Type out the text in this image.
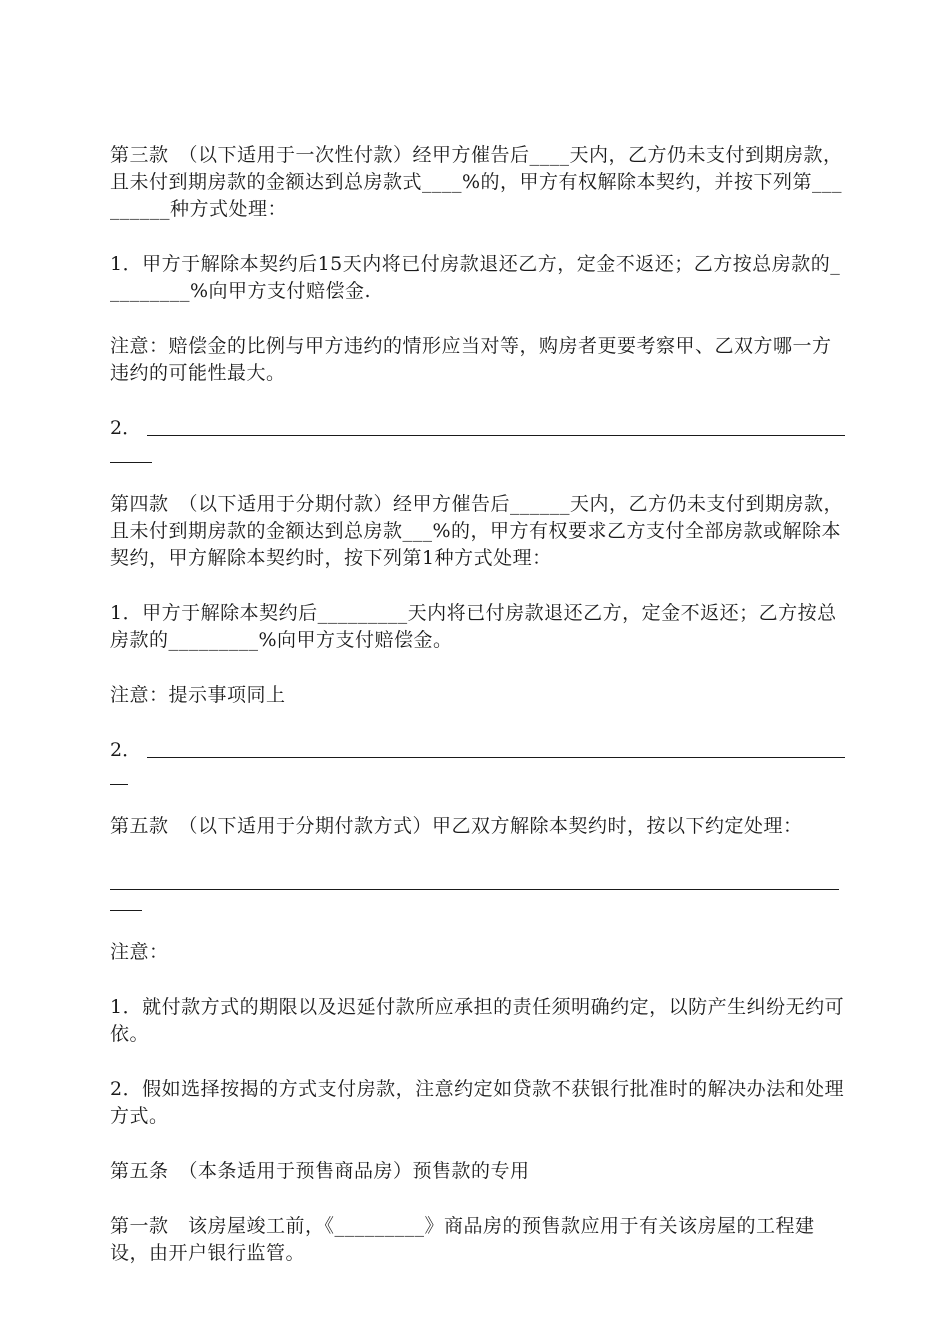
第三款　（以下适用于一次性付款）经甲方催告后____天内，乙方仍未支付到期房款，且未付到期房款的金额达到总房款式____%的，甲方有权解除本契约，并按下列第_________种方式处理：

1．甲方于解除本契约后15天内将已付房款退还乙方，定金不返还；乙方按总房款的_________%向甲方支付赔偿金.

注意：赔偿金的比例与甲方违约的情形应当对等，购房者更要考察甲、乙双方哪一方违约的可能性最大。

2．

第四款　（以下适用于分期付款）经甲方催告后______天内，乙方仍未支付到期房款，且未付到期房款的金额达到总房款___%的，甲方有权要求乙方支付全部房款或解除本契约，甲方解除本契约时，按下列第1种方式处理：

1．甲方于解除本契约后_________天内将已付房款退还乙方，定金不返还；乙方按总房款的_________%向甲方支付赔偿金。

注意：提示事项同上

2．

第五款　（以下适用于分期付款方式）甲乙双方解除本契约时，按以下约定处理：

注意：

1．就付款方式的期限以及迟延付款所应承担的责任须明确约定，以防产生纠纷无约可依。

2．假如选择按揭的方式支付房款，注意约定如贷款不获银行批准时的解决办法和处理方式。

第五条　（本条适用于预售商品房）预售款的专用

第一款　该房屋竣工前，《_________》商品房的预售款应用于有关该房屋的工程建设，由开户银行监管。
